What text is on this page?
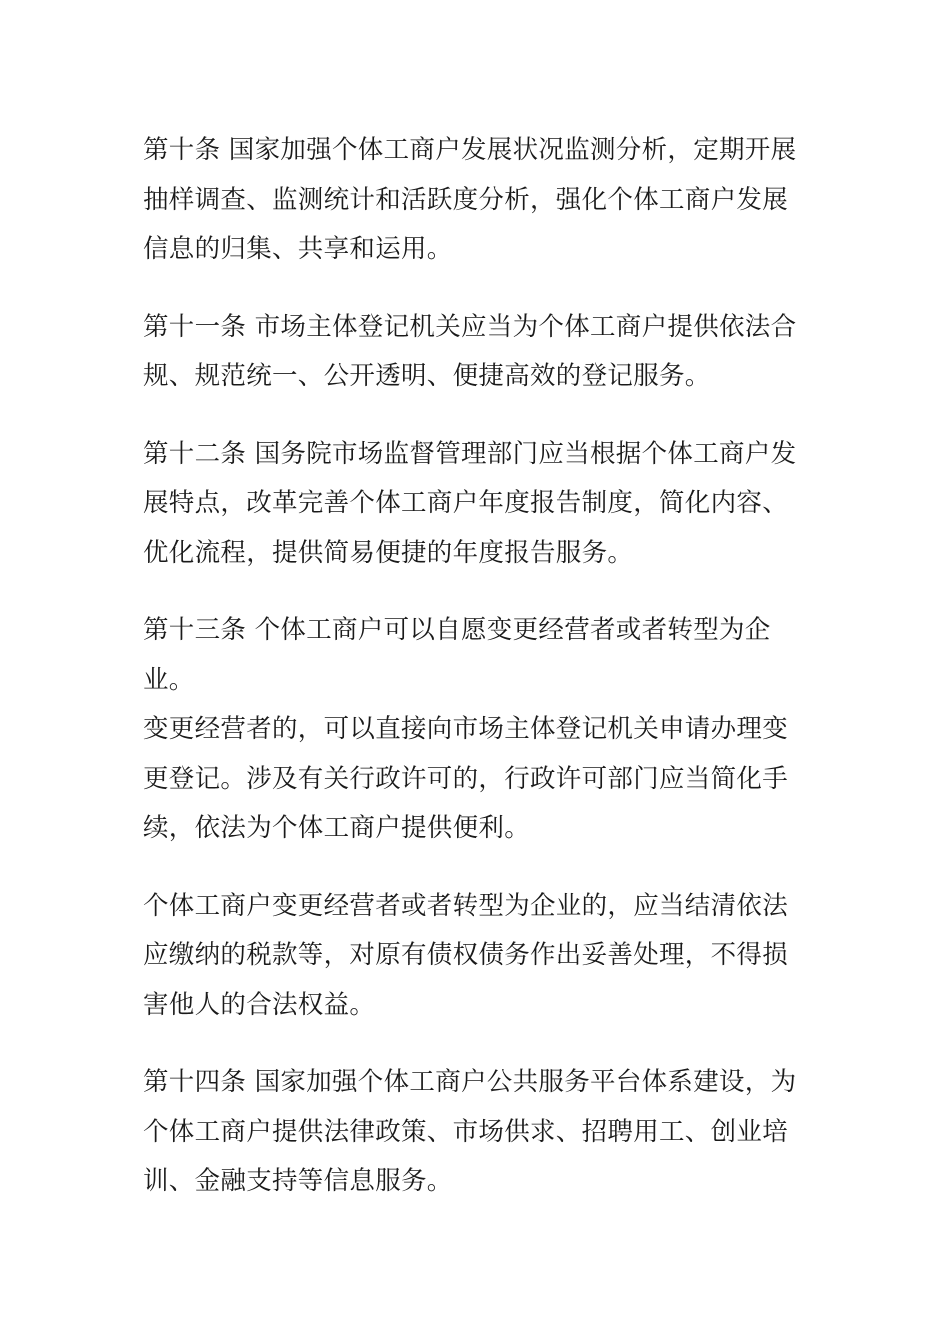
第十条 国家加强个体工商户发展状况监测分析，定期开展
抽样调查、监测统计和活跃度分析，强化个体工商户发展
信息的归集、共享和运用。

第十一条 市场主体登记机关应当为个体工商户提供依法合
规、规范统一、公开透明、便捷高效的登记服务。

第十二条 国务院市场监督管理部门应当根据个体工商户发
展特点，改革完善个体工商户年度报告制度，简化内容、
优化流程，提供简易便捷的年度报告服务。

第十三条 个体工商户可以自愿变更经营者或者转型为企业。
变更经营者的，可以直接向市场主体登记机关申请办理变
更登记。涉及有关行政许可的，行政许可部门应当简化手
续，依法为个体工商户提供便利。

个体工商户变更经营者或者转型为企业的，应当结清依法
应缴纳的税款等，对原有债权债务作出妥善处理，不得损
害他人的合法权益。

第十四条 国家加强个体工商户公共服务平台体系建设，为
个体工商户提供法律政策、市场供求、招聘用工、创业培
训、金融支持等信息服务。
